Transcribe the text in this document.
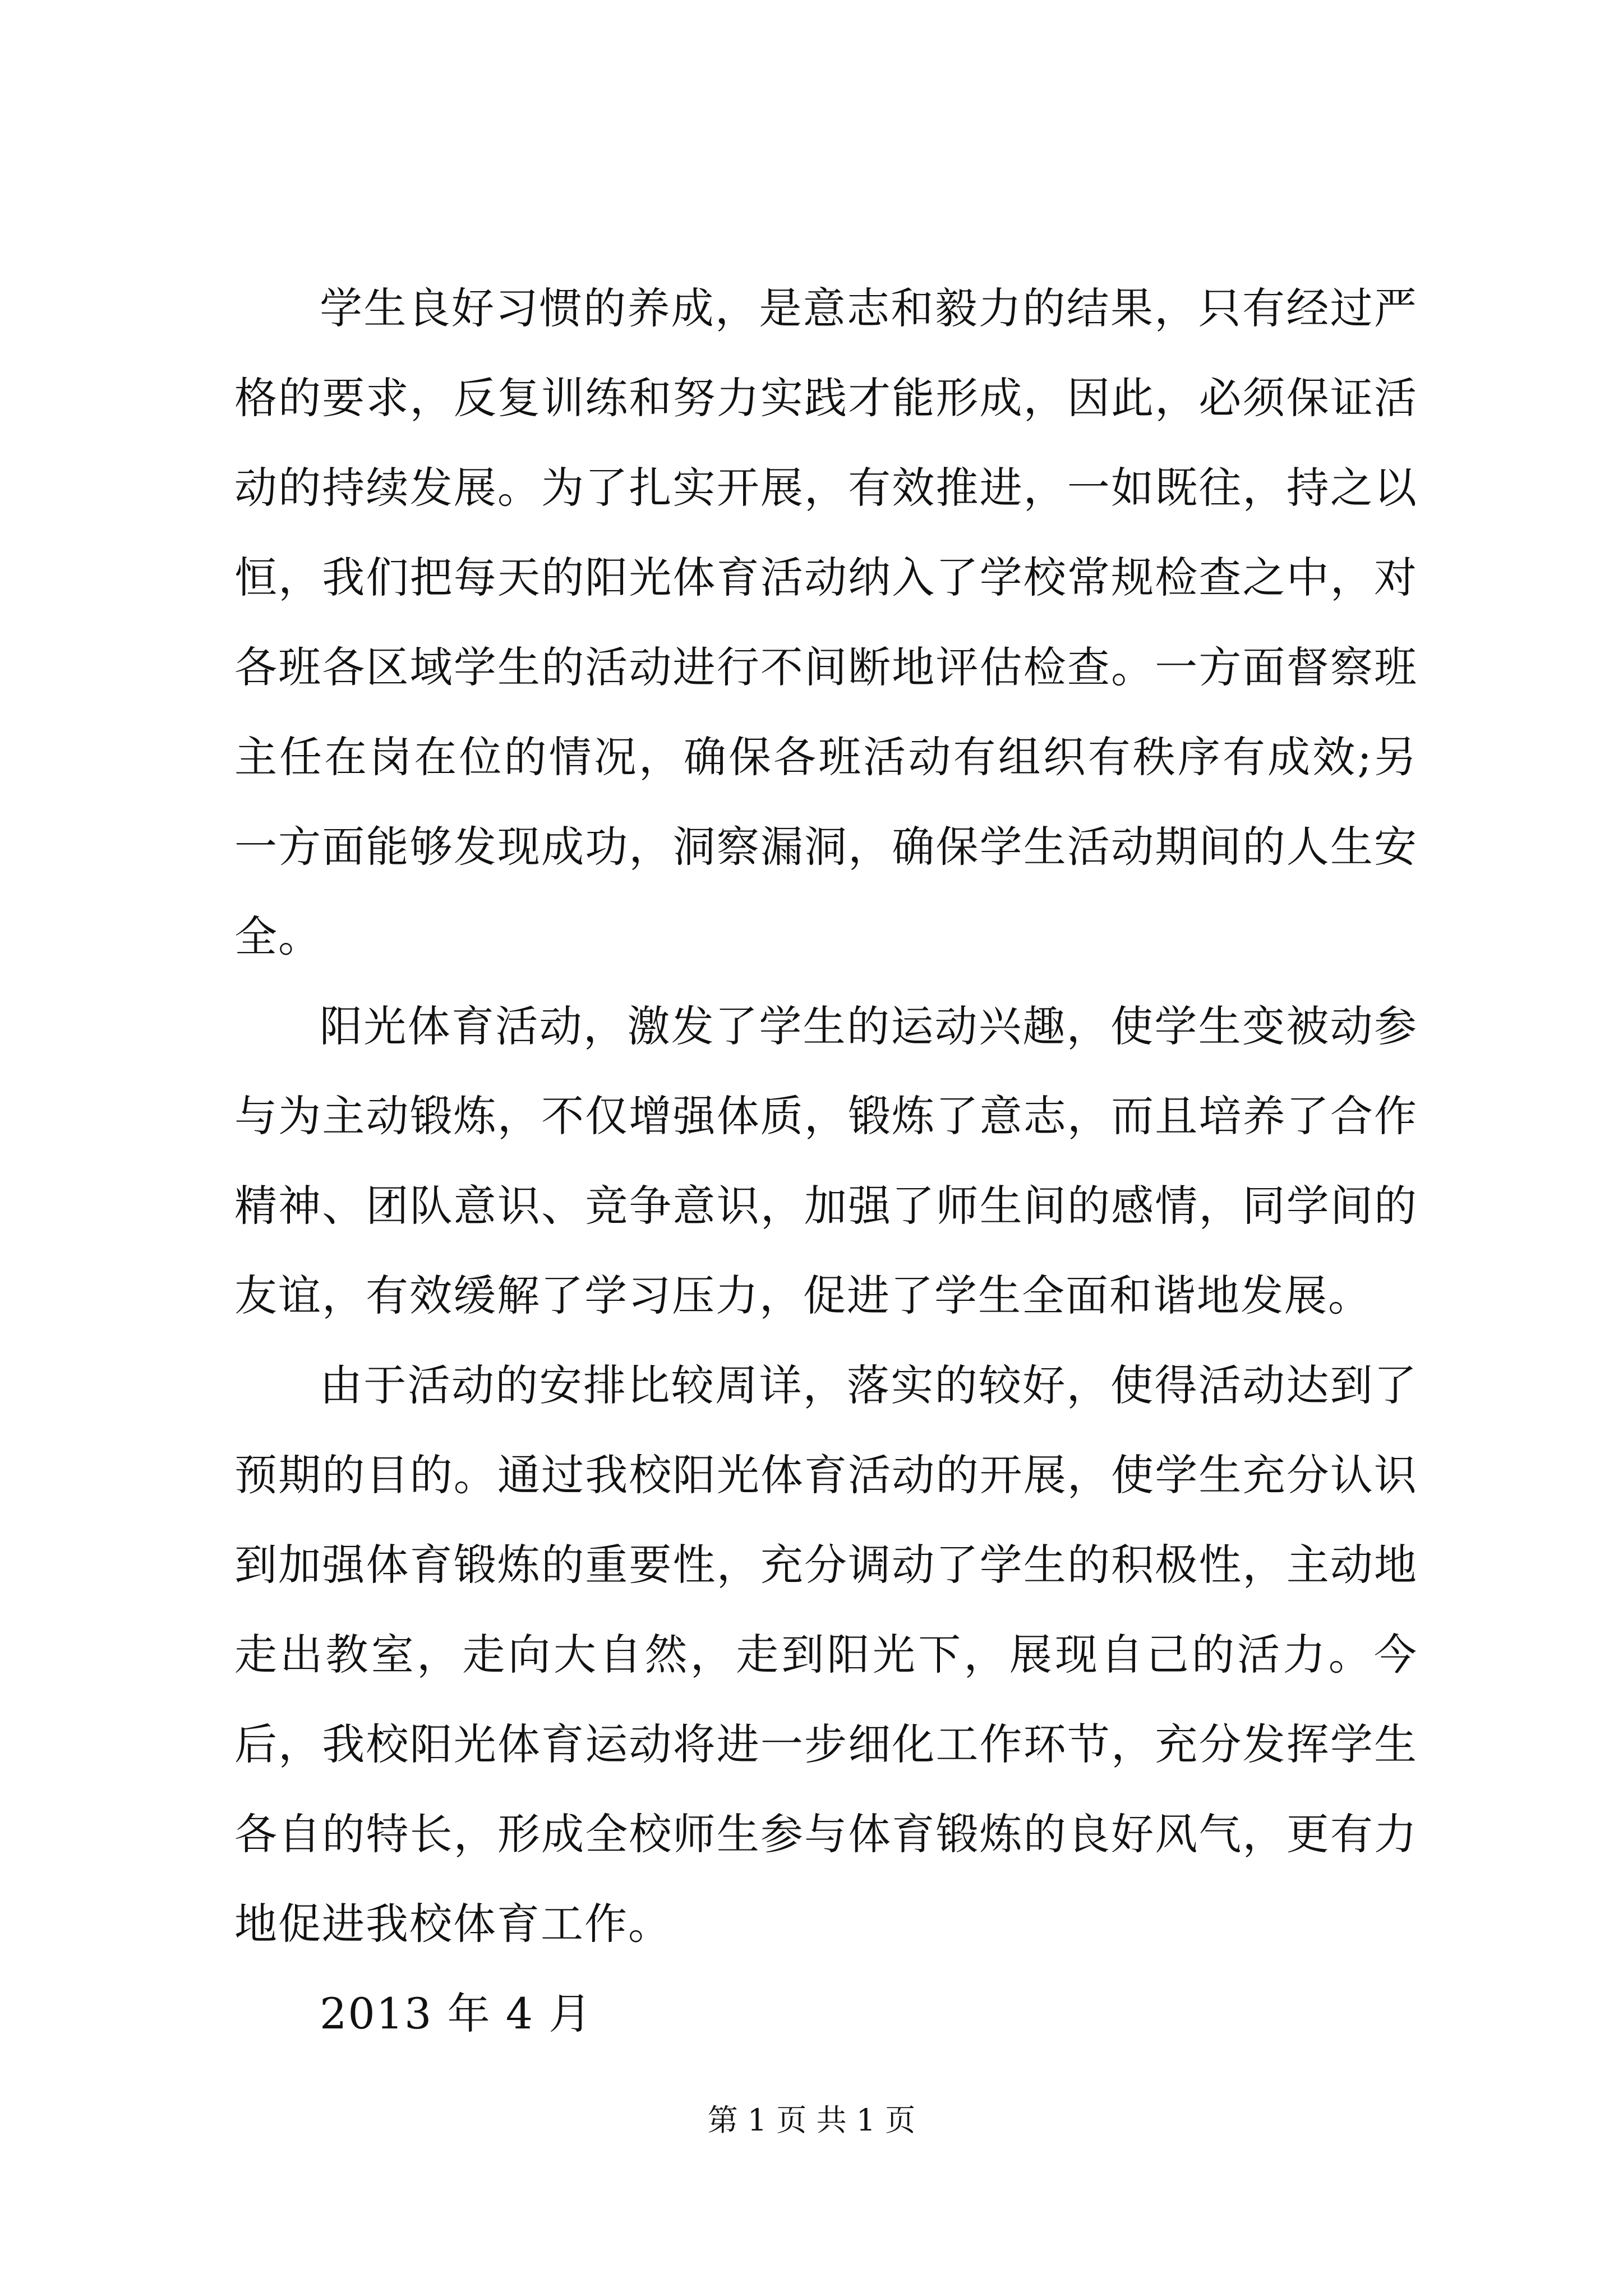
学生良好习惯的养成，是意志和毅力的结果，只有经过严格的要求，反复训练和努力实践才能形成，因此，必须保证活动的持续发展。为了扎实开展，有效推进，一如既往，持之以恒，我们把每天的阳光体育活动纳入了学校常规检查之中，对各班各区域学生的活动进行不间断地评估检查。一方面督察班主任在岗在位的情况，确保各班活动有组织有秩序有成效;另一方面能够发现成功，洞察漏洞，确保学生活动期间的人生安全。

阳光体育活动，激发了学生的运动兴趣，使学生变被动参与为主动锻炼，不仅增强体质，锻炼了意志，而且培养了合作精神、团队意识、竞争意识，加强了师生间的感情，同学间的友谊，有效缓解了学习压力，促进了学生全面和谐地发展。

由于活动的安排比较周详，落实的较好，使得活动达到了预期的目的。通过我校阳光体育活动的开展，使学生充分认识到加强体育锻炼的重要性，充分调动了学生的积极性，主动地走出教室，走向大自然，走到阳光下，展现自己的活力。今后，我校阳光体育运动将进一步细化工作环节，充分发挥学生各自的特长，形成全校师生参与体育锻炼的良好风气，更有力地促进我校体育工作。

2013 年 4 月

第 1 页 共 1 页
